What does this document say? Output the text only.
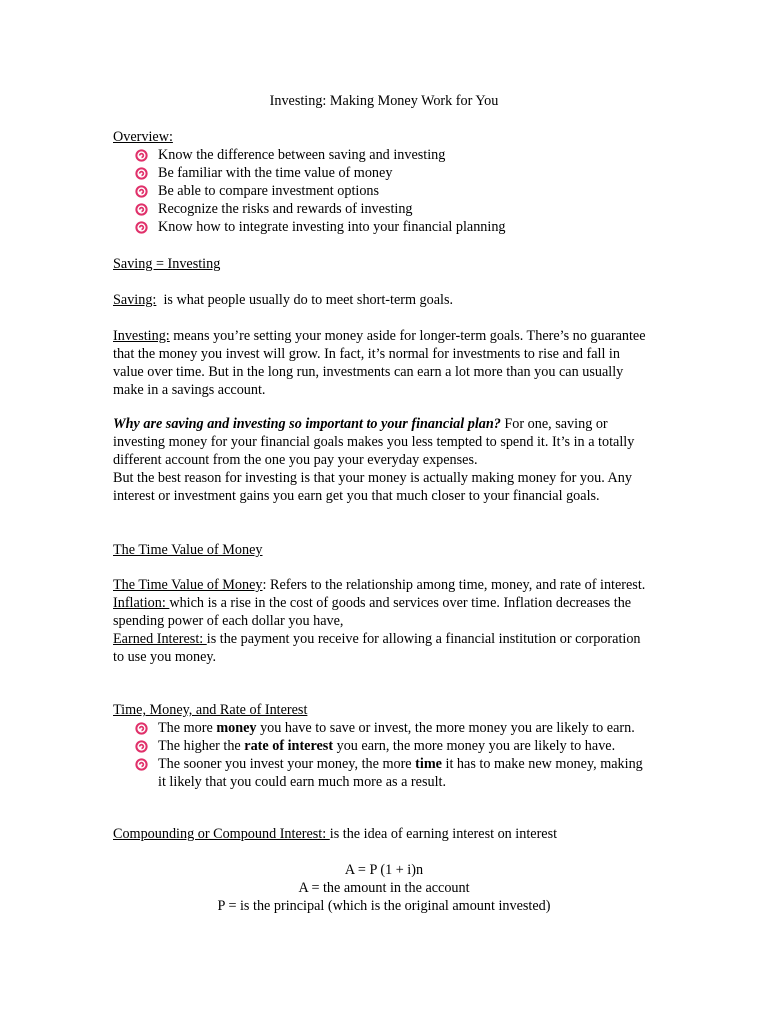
Investing: Making Money Work for You
Overview:
Know the difference between saving and investing
Be familiar with the time value of money
Be able to compare investment options
Recognize the risks and rewards of investing
Know how to integrate investing into your financial planning
Saving = Investing
Saving:  is what people usually do to meet short-term goals.
Investing: means you’re setting your money aside for longer-term goals. There’s no guarantee that the money you invest will grow. In fact, it’s normal for investments to rise and fall in value over time. But in the long run, investments can earn a lot more than you can usually make in a savings account.
Why are saving and investing so important to your financial plan? For one, saving or investing money for your financial goals makes you less tempted to spend it. It’s in a totally different account from the one you pay your everyday expenses.
But the best reason for investing is that your money is actually making money for you. Any interest or investment gains you earn get you that much closer to your financial goals.
The Time Value of Money
The Time Value of Money: Refers to the relationship among time, money, and rate of interest.
Inflation: which is a rise in the cost of goods and services over time. Inflation decreases the spending power of each dollar you have,
Earned Interest: is the payment you receive for allowing a financial institution or corporation to use you money.
Time, Money, and Rate of Interest
The more money you have to save or invest, the more money you are likely to earn.
The higher the rate of interest you earn, the more money you are likely to have.
The sooner you invest your money, the more time it has to make new money, making it likely that you could earn much more as a result.
Compounding or Compound Interest: is the idea of earning interest on interest
A = P (1 + i)n
A = the amount in the account
P = is the principal (which is the original amount invested)
